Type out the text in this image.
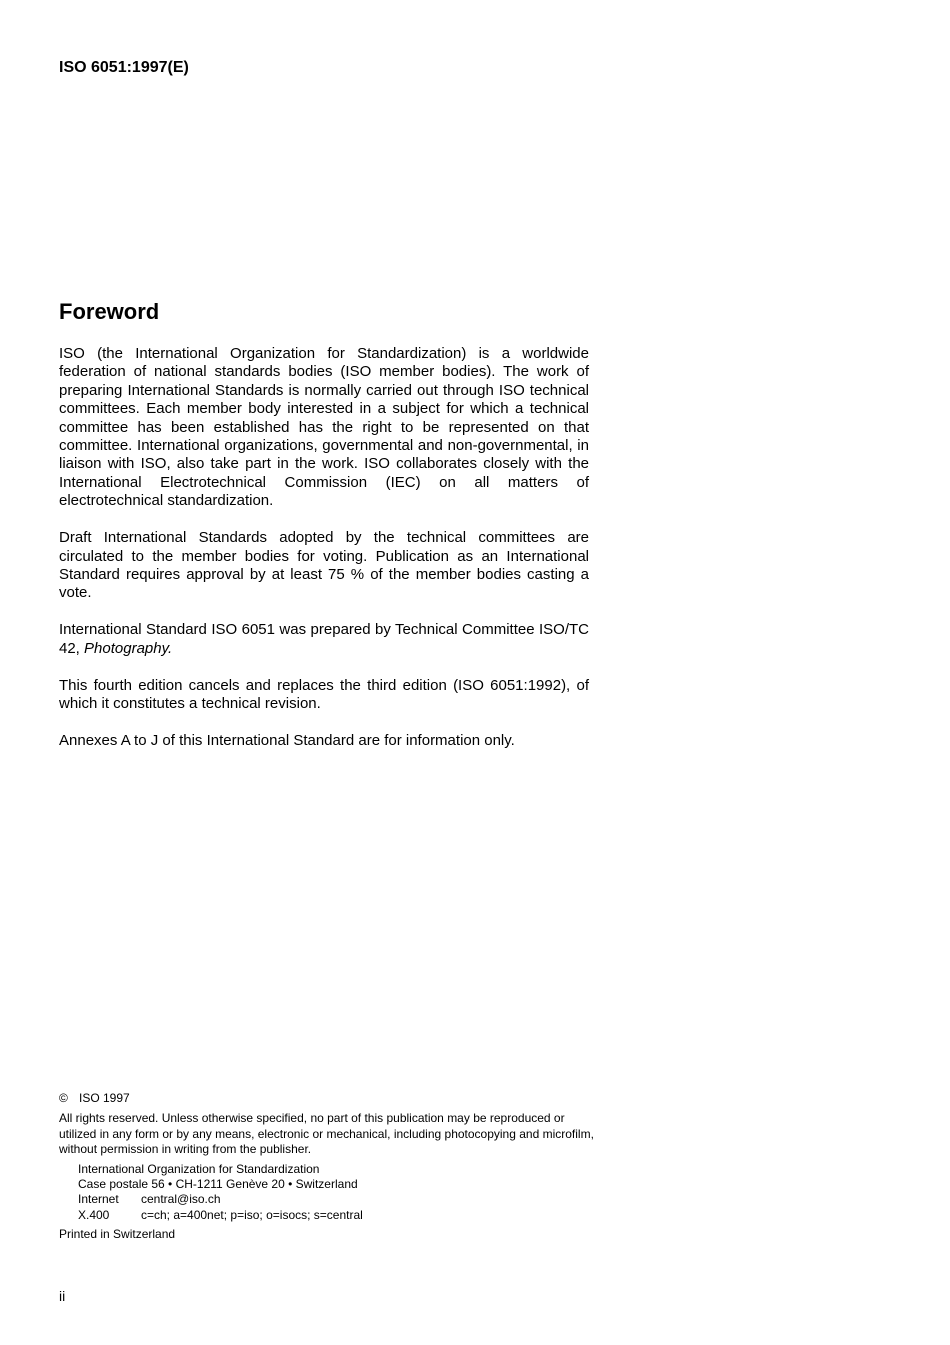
ISO 6051:1997(E)
Foreword

ISO (the International Organization for Standardization) is a worldwide federation of national standards bodies (ISO member bodies). The work of preparing International Standards is normally carried out through ISO technical committees. Each member body interested in a subject for which a technical committee has been established has the right to be represented on that committee. International organizations, governmental and non-governmental, in liaison with ISO, also take part in the work. ISO collaborates closely with the International Electrotechnical Commission (IEC) on all matters of electrotechnical standardization.

Draft International Standards adopted by the technical committees are circulated to the member bodies for voting. Publication as an International Standard requires approval by at least 75 % of the member bodies casting a vote.

International Standard ISO 6051 was prepared by Technical Committee ISO/TC 42, Photography.

This fourth edition cancels and replaces the third edition (ISO 6051:1992), of which it constitutes a technical revision.

Annexes A to J of this International Standard are for information only.

© ISO 1997
All rights reserved. Unless otherwise specified, no part of this publication may be reproduced or utilized in any form or by any means, electronic or mechanical, including photocopying and microfilm, without permission in writing from the publisher.
International Organization for Standardization
Case postale 56 • CH-1211 Genève 20 • Switzerland
Internet central@iso.ch
X.400	c=ch; a=400net; p=iso; o=isocs; s=central
Printed in Switzerland
ii
